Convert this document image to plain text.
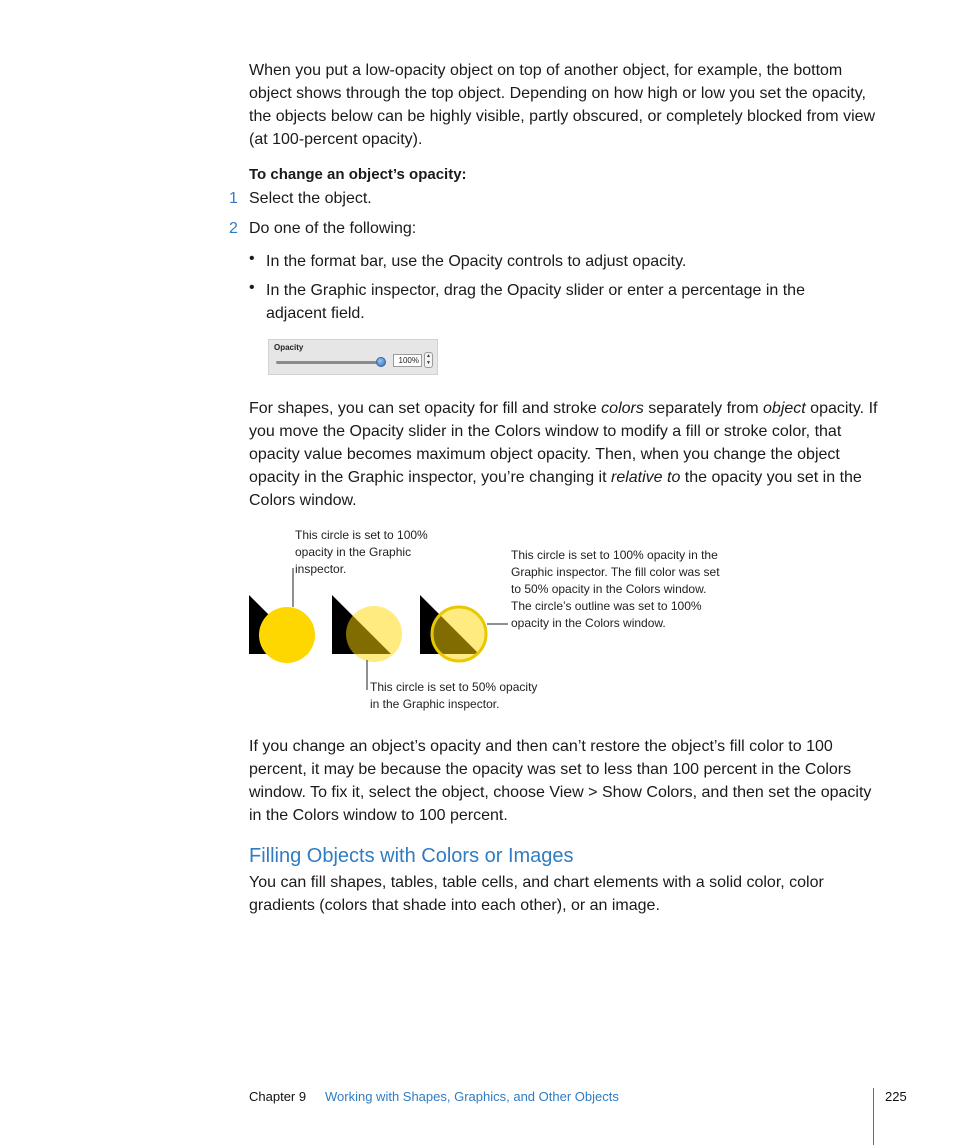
When you put a low-opacity object on top of another object, for example, the bottom object shows through the top object. Depending on how high or low you set the opacity, the objects below can be highly visible, partly obscured, or completely blocked from view (at 100-percent opacity).
To change an object’s opacity:
1 Select the object.
2 Do one of the following:
• In the format bar, use the Opacity controls to adjust opacity.
• In the Graphic inspector, drag the Opacity slider or enter a percentage in the adjacent field.
Opacity
100%	▲
▼
For shapes, you can set opacity for fill and stroke colors separately from object opacity. If you move the Opacity slider in the Colors window to modify a fill or stroke color, that opacity value becomes maximum object opacity. Then, when you change the object opacity in the Graphic inspector, you’re changing it relative to the opacity you set in the Colors window.
This circle is set to 100% opacity in the Graphic inspector.
This circle is set to 100% opacity in the Graphic inspector. The fill color was set to 50% opacity in the Colors window. The circle’s outline was set to 100% opacity in the Colors window.
This circle is set to 50% opacity in the Graphic inspector.
If you change an object’s opacity and then can’t restore the object’s fill color to 100 percent, it may be because the opacity was set to less than 100 percent in the Colors window. To fix it, select the object, choose View > Show Colors, and then set the opacity in the Colors window to 100 percent.
Filling Objects with Colors or Images
You can fill shapes, tables, table cells, and chart elements with a solid color, color gradients (colors that shade into each other), or an image.
Chapter 9 Working with Shapes, Graphics, and Other Objects	225
